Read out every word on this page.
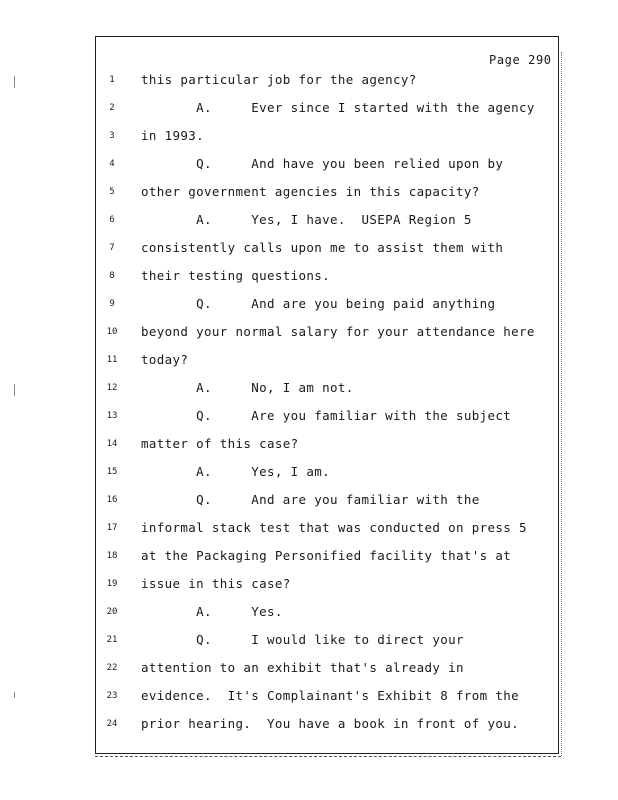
Page 290
1	this particular job for the agency?
2	A.     Ever since I started with the agency
3	in 1993.
4	Q.     And have you been relied upon by
5	other government agencies in this capacity?
6	A.     Yes, I have.  USEPA Region 5
7	consistently calls upon me to assist them with
8	their testing questions.
9	Q.     And are you being paid anything
10	beyond your normal salary for your attendance here
11	today?
12	A.     No, I am not.
13	Q.     Are you familiar with the subject
14	matter of this case?
15	A.     Yes, I am.
16	Q.     And are you familiar with the
17	informal stack test that was conducted on press 5
18	at the Packaging Personified facility that's at
19	issue in this case?
20	A.     Yes.
21	Q.     I would like to direct your
22	attention to an exhibit that's already in
23	evidence.  It's Complainant's Exhibit 8 from the
24	prior hearing.  You have a book in front of you.
